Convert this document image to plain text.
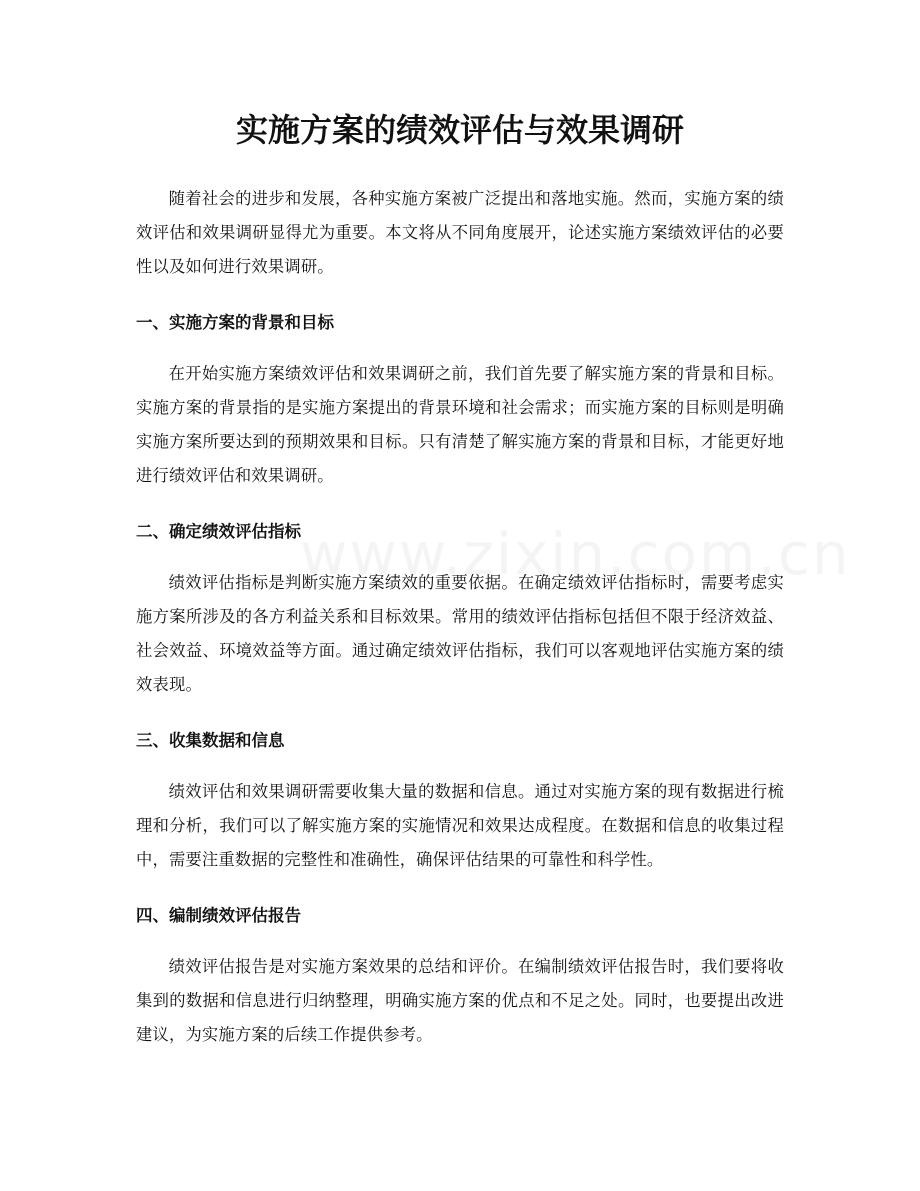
实施方案的绩效评估与效果调研

随着社会的进步和发展，各种实施方案被广泛提出和落地实施。然而，实施方案的绩效评估和效果调研显得尤为重要。本文将从不同角度展开，论述实施方案绩效评估的必要性以及如何进行效果调研。

一、实施方案的背景和目标

在开始实施方案绩效评估和效果调研之前，我们首先要了解实施方案的背景和目标。实施方案的背景指的是实施方案提出的背景环境和社会需求；而实施方案的目标则是明确实施方案所要达到的预期效果和目标。只有清楚了解实施方案的背景和目标，才能更好地进行绩效评估和效果调研。

二、确定绩效评估指标

绩效评估指标是判断实施方案绩效的重要依据。在确定绩效评估指标时，需要考虑实施方案所涉及的各方利益关系和目标效果。常用的绩效评估指标包括但不限于经济效益、社会效益、环境效益等方面。通过确定绩效评估指标，我们可以客观地评估实施方案的绩效表现。

三、收集数据和信息

绩效评估和效果调研需要收集大量的数据和信息。通过对实施方案的现有数据进行梳理和分析，我们可以了解实施方案的实施情况和效果达成程度。在数据和信息的收集过程中，需要注重数据的完整性和准确性，确保评估结果的可靠性和科学性。

四、编制绩效评估报告

绩效评估报告是对实施方案效果的总结和评价。在编制绩效评估报告时，我们要将收集到的数据和信息进行归纳整理，明确实施方案的优点和不足之处。同时，也要提出改进建议，为实施方案的后续工作提供参考。
